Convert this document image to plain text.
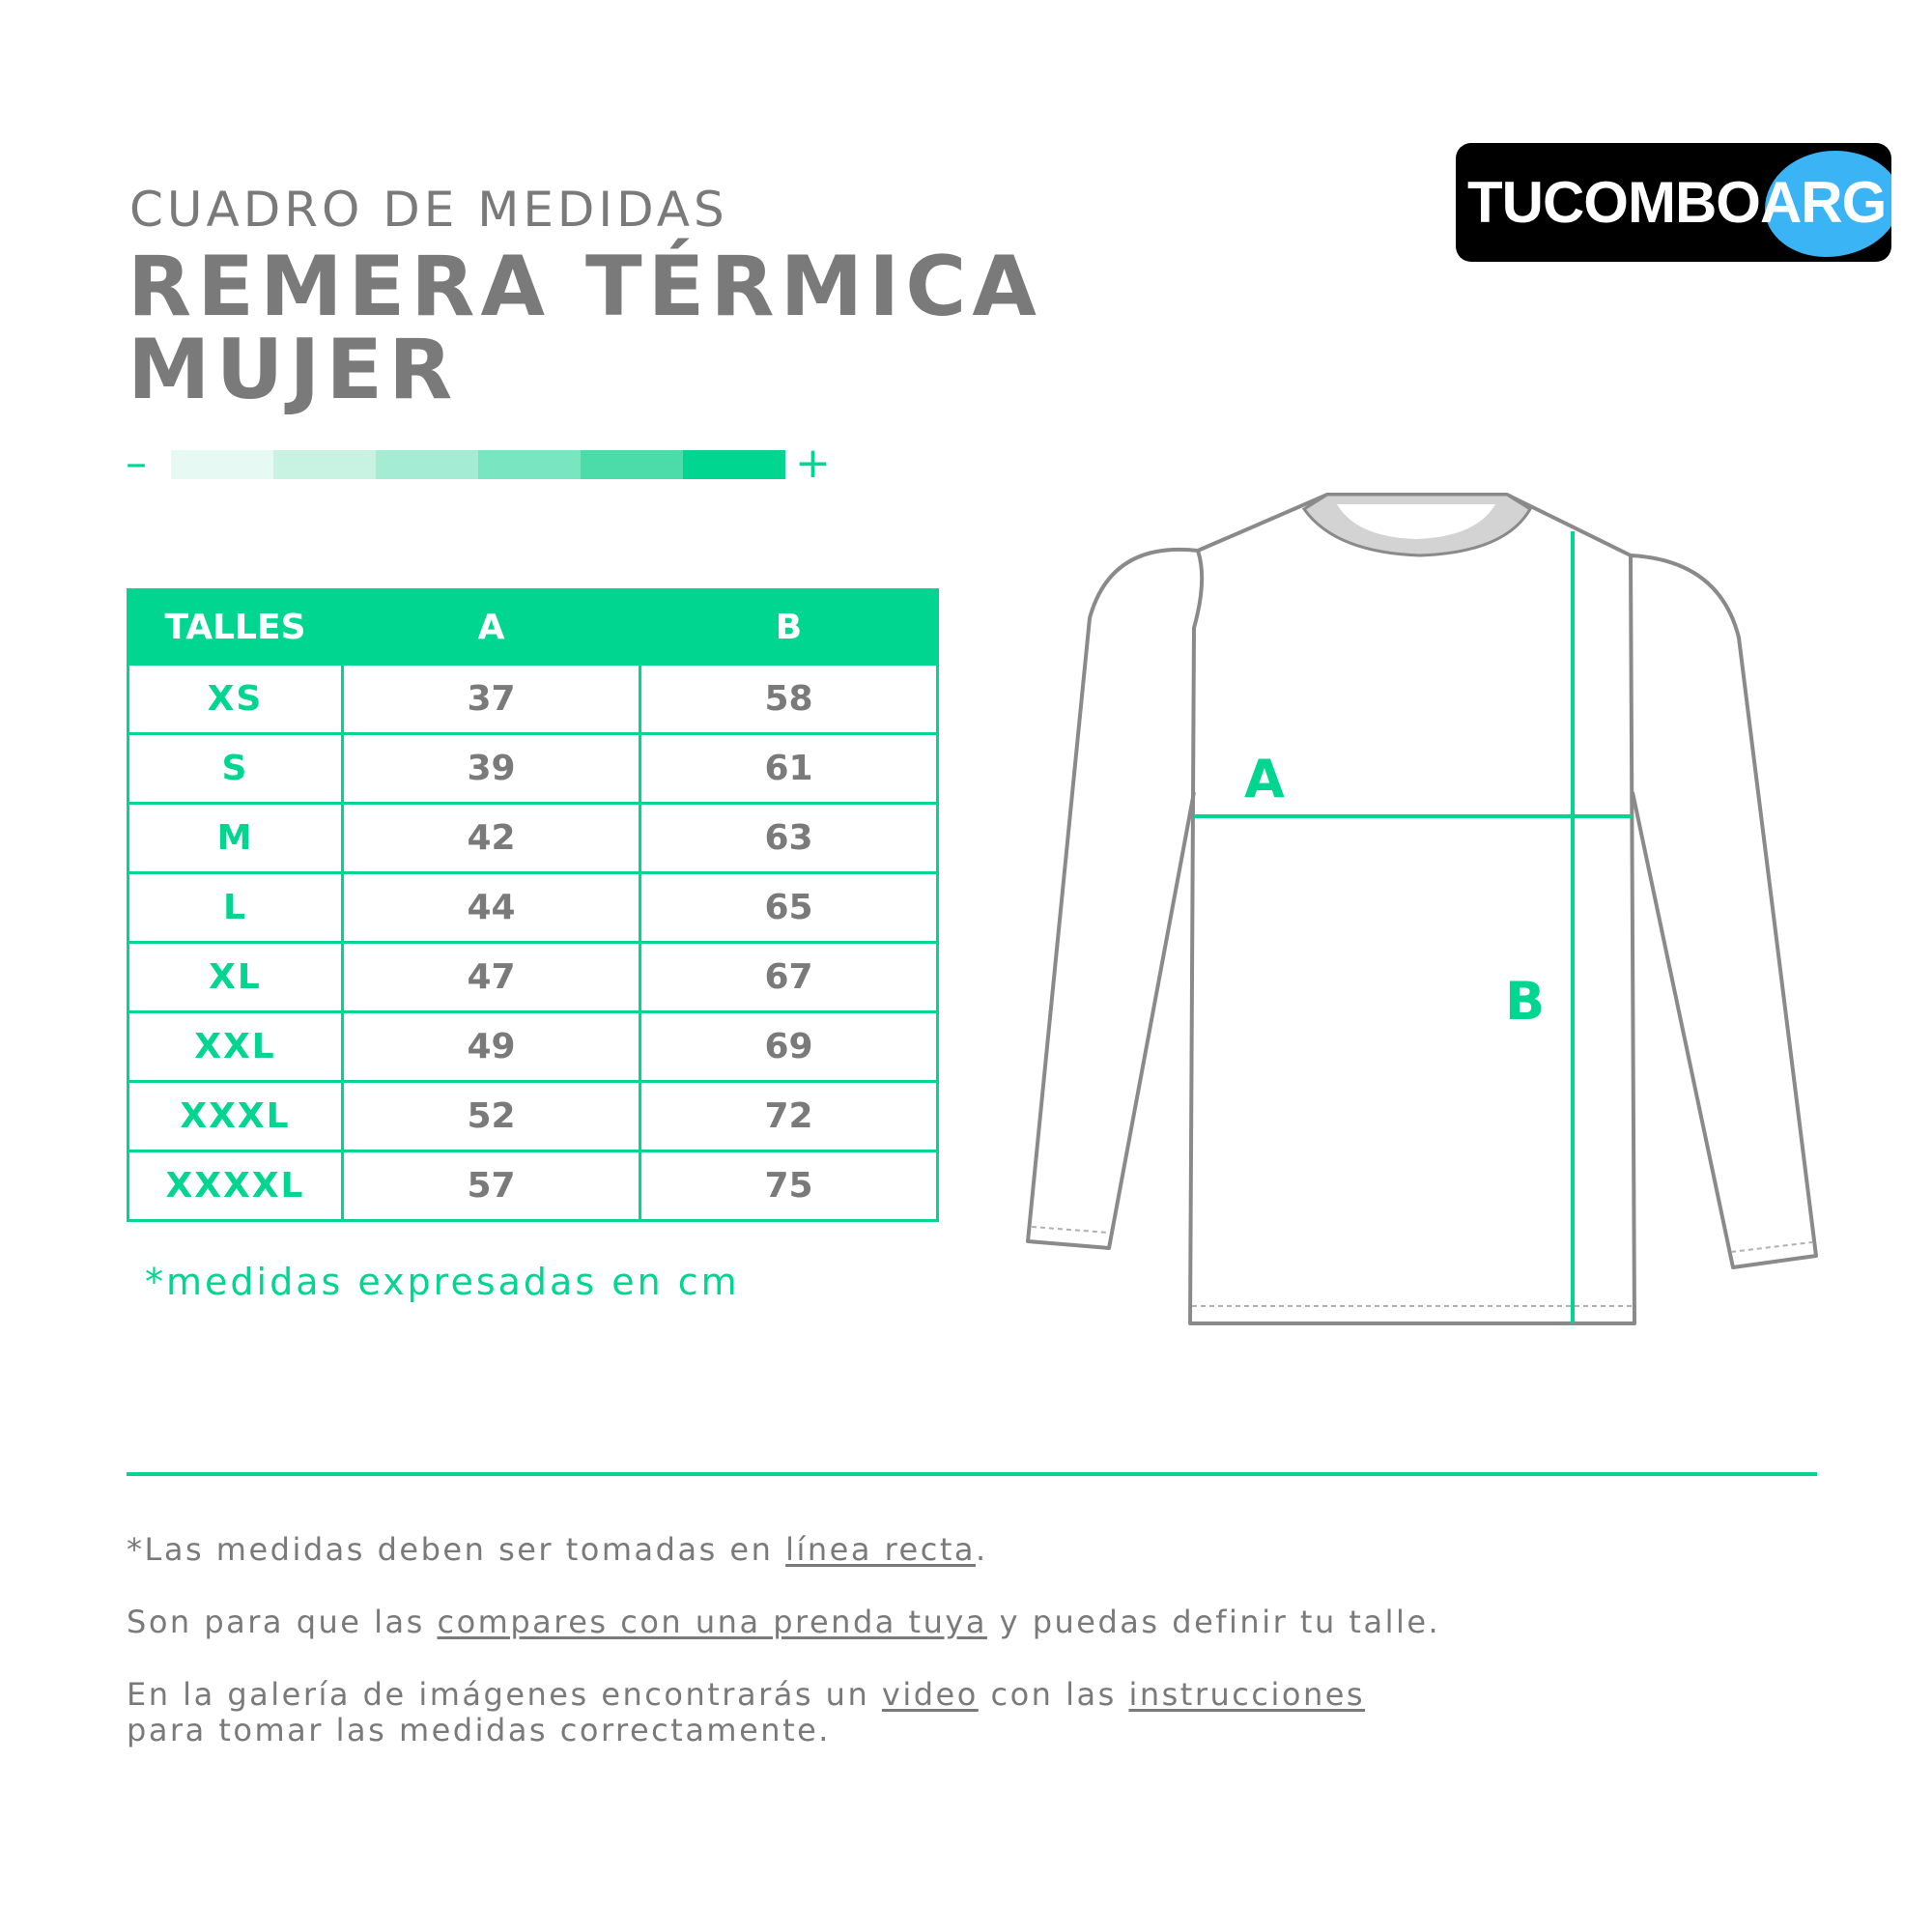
CUADRO DE MEDIDAS
REMERA TÉRMICA
MUJER
TUCOMBOARG
–	+
TALLES	A	B
XS	37	58
S	39	61
M	42	63
L	44	65
XL	47	67
XXL	49	69
XXXL	52	72
XXXXL	57	75
*medidas expresadas en cm
A
B
*Las medidas deben ser tomadas en línea recta.
Son para que las compares con una prenda tuya y puedas definir tu talle.
En la galería de imágenes encontrarás un video con las instrucciones
para tomar las medidas correctamente.
